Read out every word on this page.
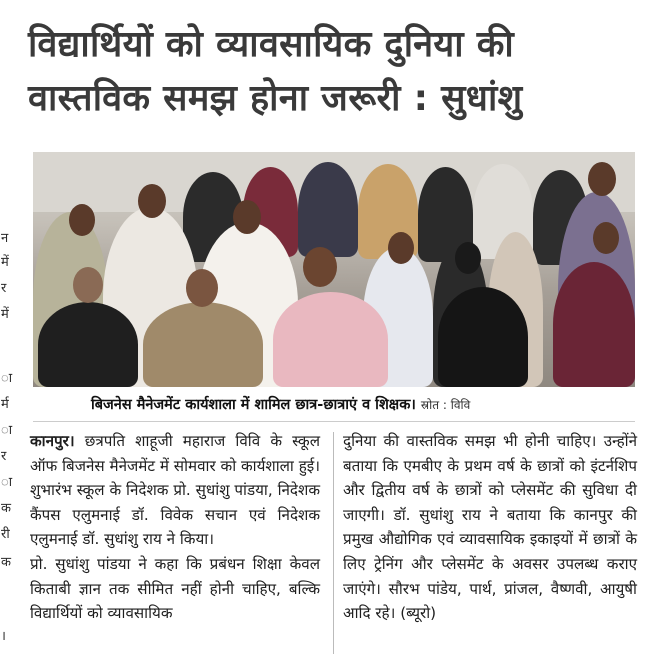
न
में
र
में
ा
र्म
ा
र
ा
क
री
क
।
विद्यार्थियों को व्यावसायिक दुनिया की
वास्तविक समझ होना जरूरी : सुधांशु
बिजनेस मैनेजमेंट कार्यशाला में शामिल छात्र-छात्राएं व शिक्षक। स्रोत : विवि

कानपुर। छत्रपति शाहूजी महाराज विवि के स्कूल ऑफ बिजनेस मैनेजमेंट में सोमवार को कार्यशाला हुई। शुभारंभ स्कूल के निदेशक प्रो. सुधांशु पांडया, निदेशक कैंपस एलुमनाई डॉ. विवेक सचान एवं निदेशक एलुमनाई डॉ. सुधांशु राय ने किया।

प्रो. सुधांशु पांडया ने कहा कि प्रबंधन शिक्षा केवल किताबी ज्ञान तक सीमित नहीं होनी चाहिए, बल्कि विद्यार्थियों को व्यावसायिक

दुनिया की वास्तविक समझ भी होनी चाहिए। उन्होंने बताया कि एमबीए के प्रथम वर्ष के छात्रों को इंटर्नशिप और द्वितीय वर्ष के छात्रों को प्लेसमेंट की सुविधा दी जाएगी। डॉ. सुधांशु राय ने बताया कि कानपुर की प्रमुख औद्योगिक एवं व्यावसायिक इकाइयों में छात्रों के लिए ट्रेनिंग और प्लेसमेंट के अवसर उपलब्ध कराए जाएंगे। सौरभ पांडेय, पार्थ, प्रांजल, वैष्णवी, आयुषी आदि रहे। (ब्यूरो)
